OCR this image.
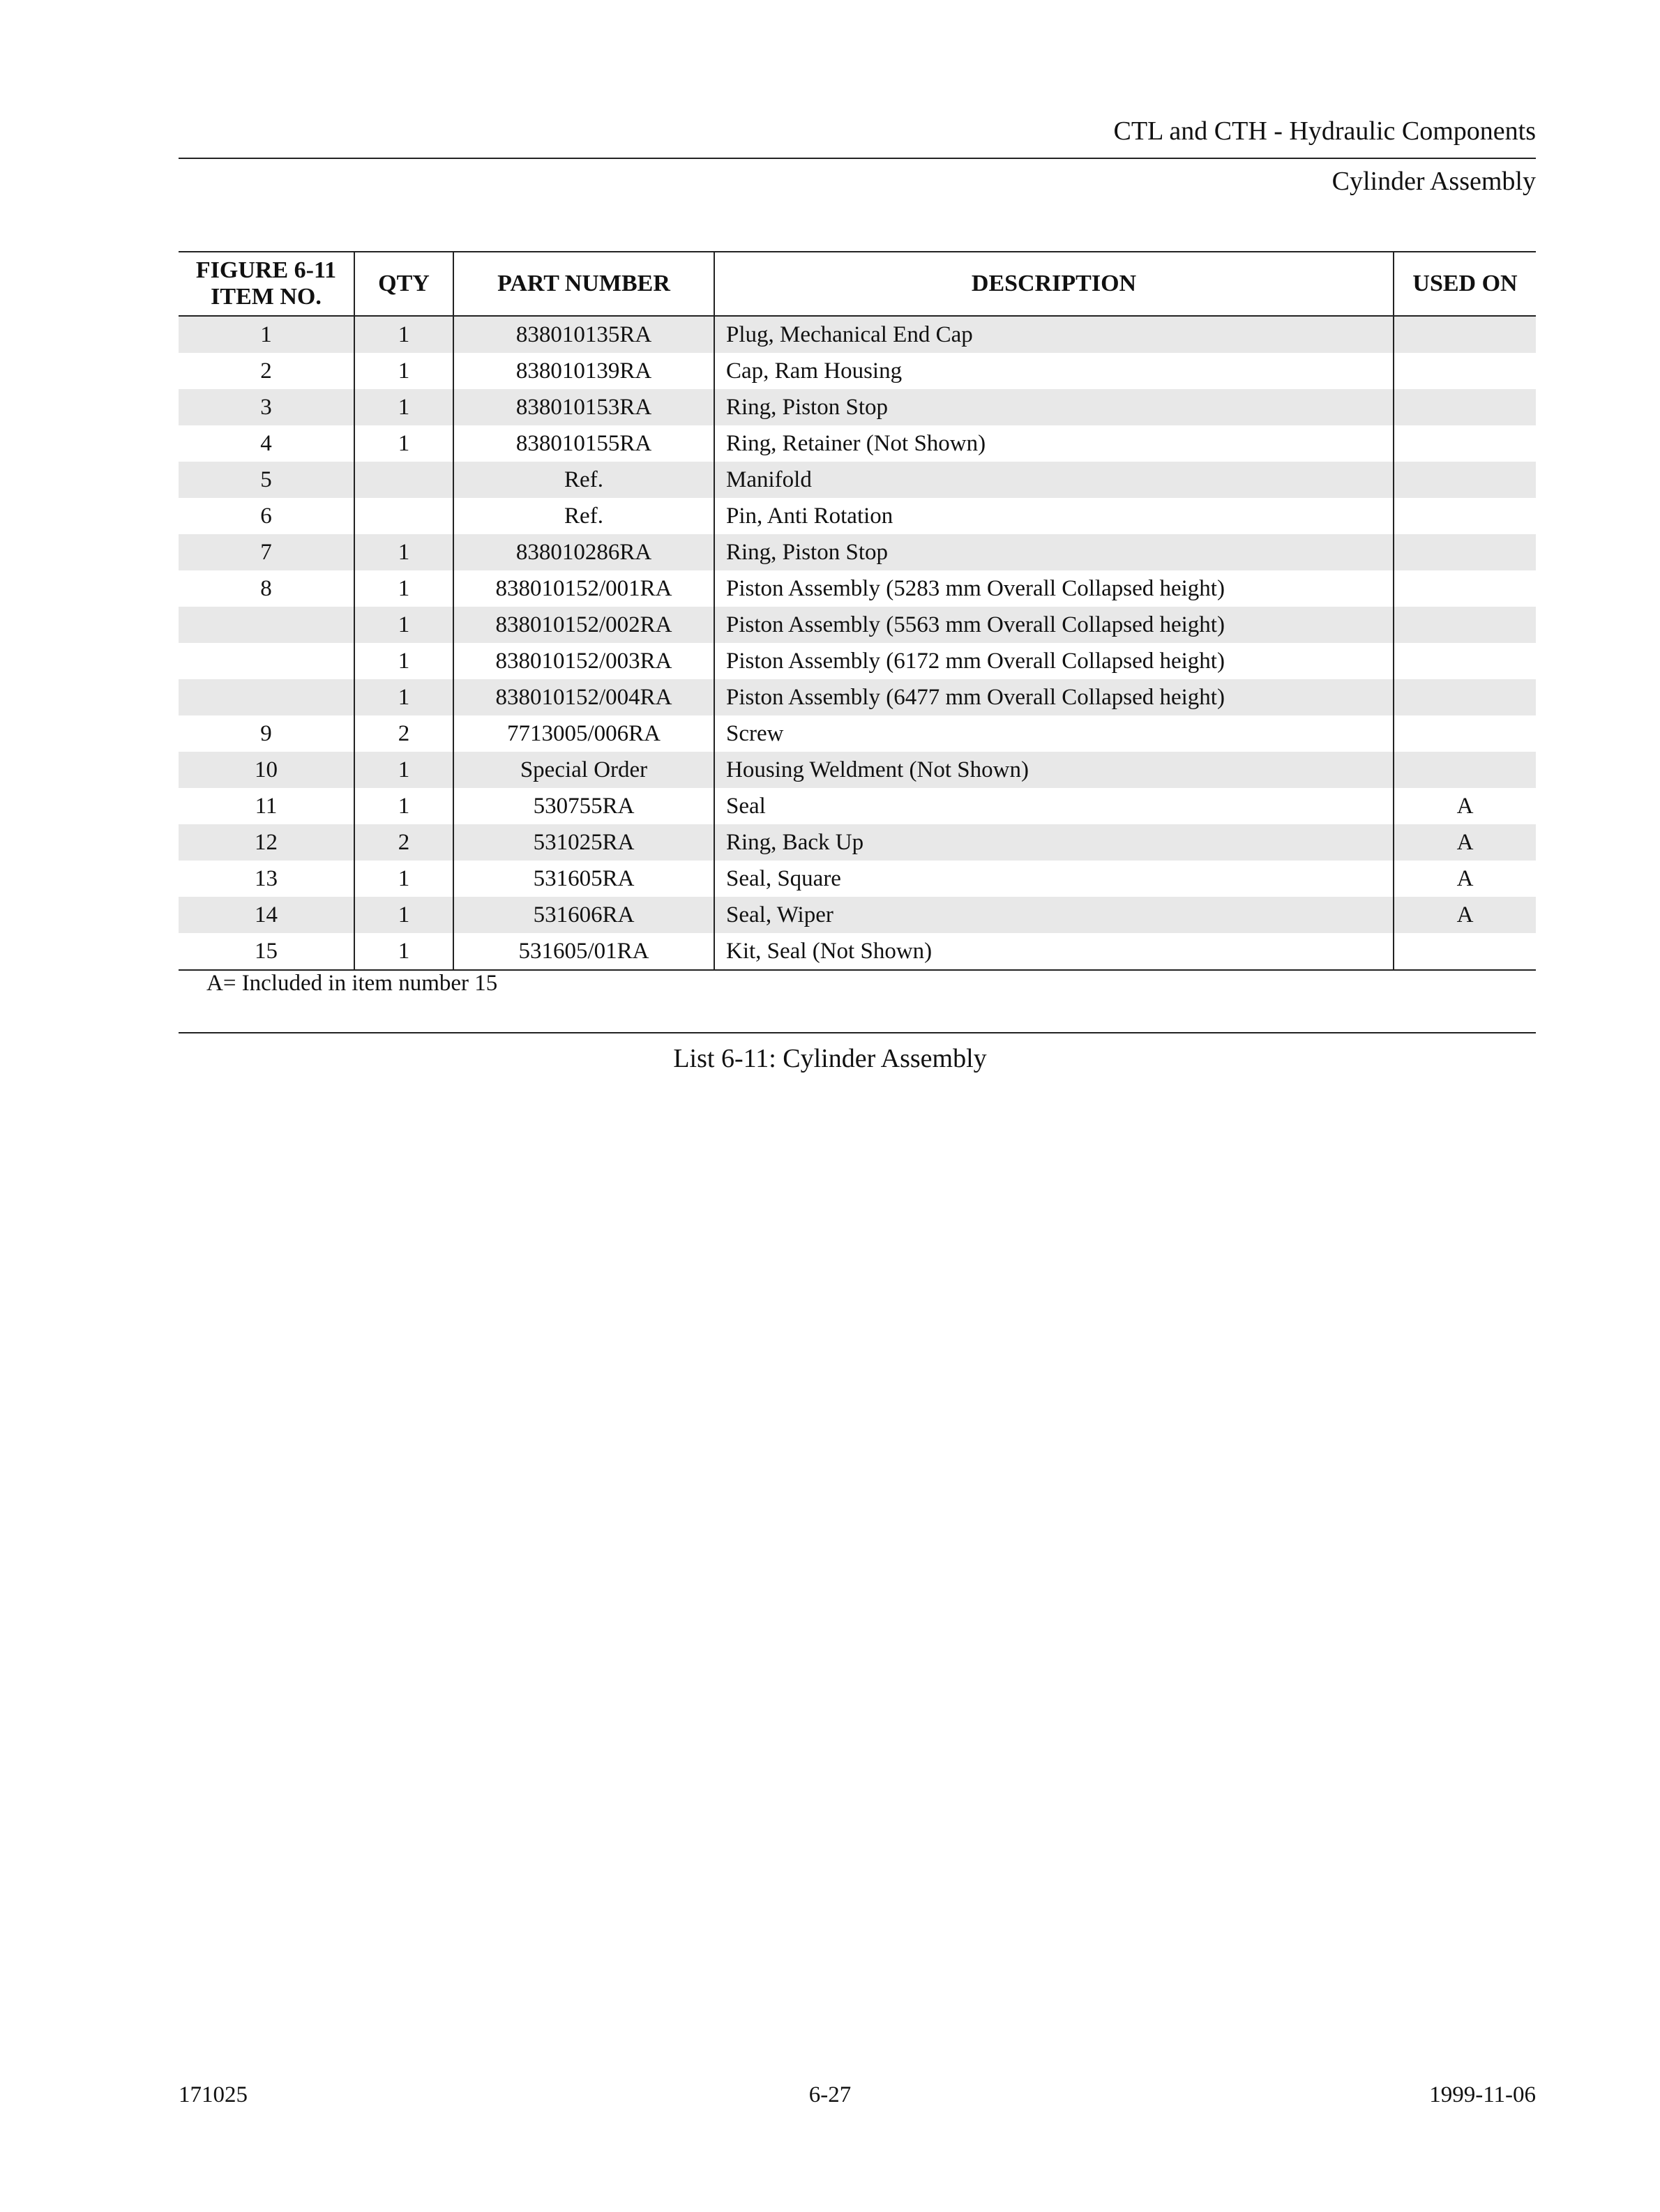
CTL and CTH - Hydraulic Components
Cylinder Assembly
FIGURE 6-11
ITEM NO.	QTY	PART NUMBER	DESCRIPTION	USED ON
1	1	838010135RA	Plug, Mechanical End Cap	
2	1	838010139RA	Cap, Ram Housing	
3	1	838010153RA	Ring, Piston Stop	
4	1	838010155RA	Ring, Retainer (Not Shown)	
5		Ref.	Manifold	
6		Ref.	Pin, Anti Rotation	
7	1	838010286RA	Ring, Piston Stop	
8	1	838010152/001RA	Piston Assembly (5283 mm Overall Collapsed height)	
	1	838010152/002RA	Piston Assembly (5563 mm Overall Collapsed height)	
	1	838010152/003RA	Piston Assembly (6172 mm Overall Collapsed height)	
	1	838010152/004RA	Piston Assembly (6477 mm Overall Collapsed height)	
9	2	7713005/006RA	Screw	
10	1	Special Order	Housing Weldment (Not Shown)	
11	1	530755RA	Seal	A
12	2	531025RA	Ring, Back Up	A
13	1	531605RA	Seal, Square	A
14	1	531606RA	Seal, Wiper	A
15	1	531605/01RA	Kit, Seal (Not Shown)	
A= Included in item number 15
List 6-11: Cylinder Assembly
171025	6-27	1999-11-06
